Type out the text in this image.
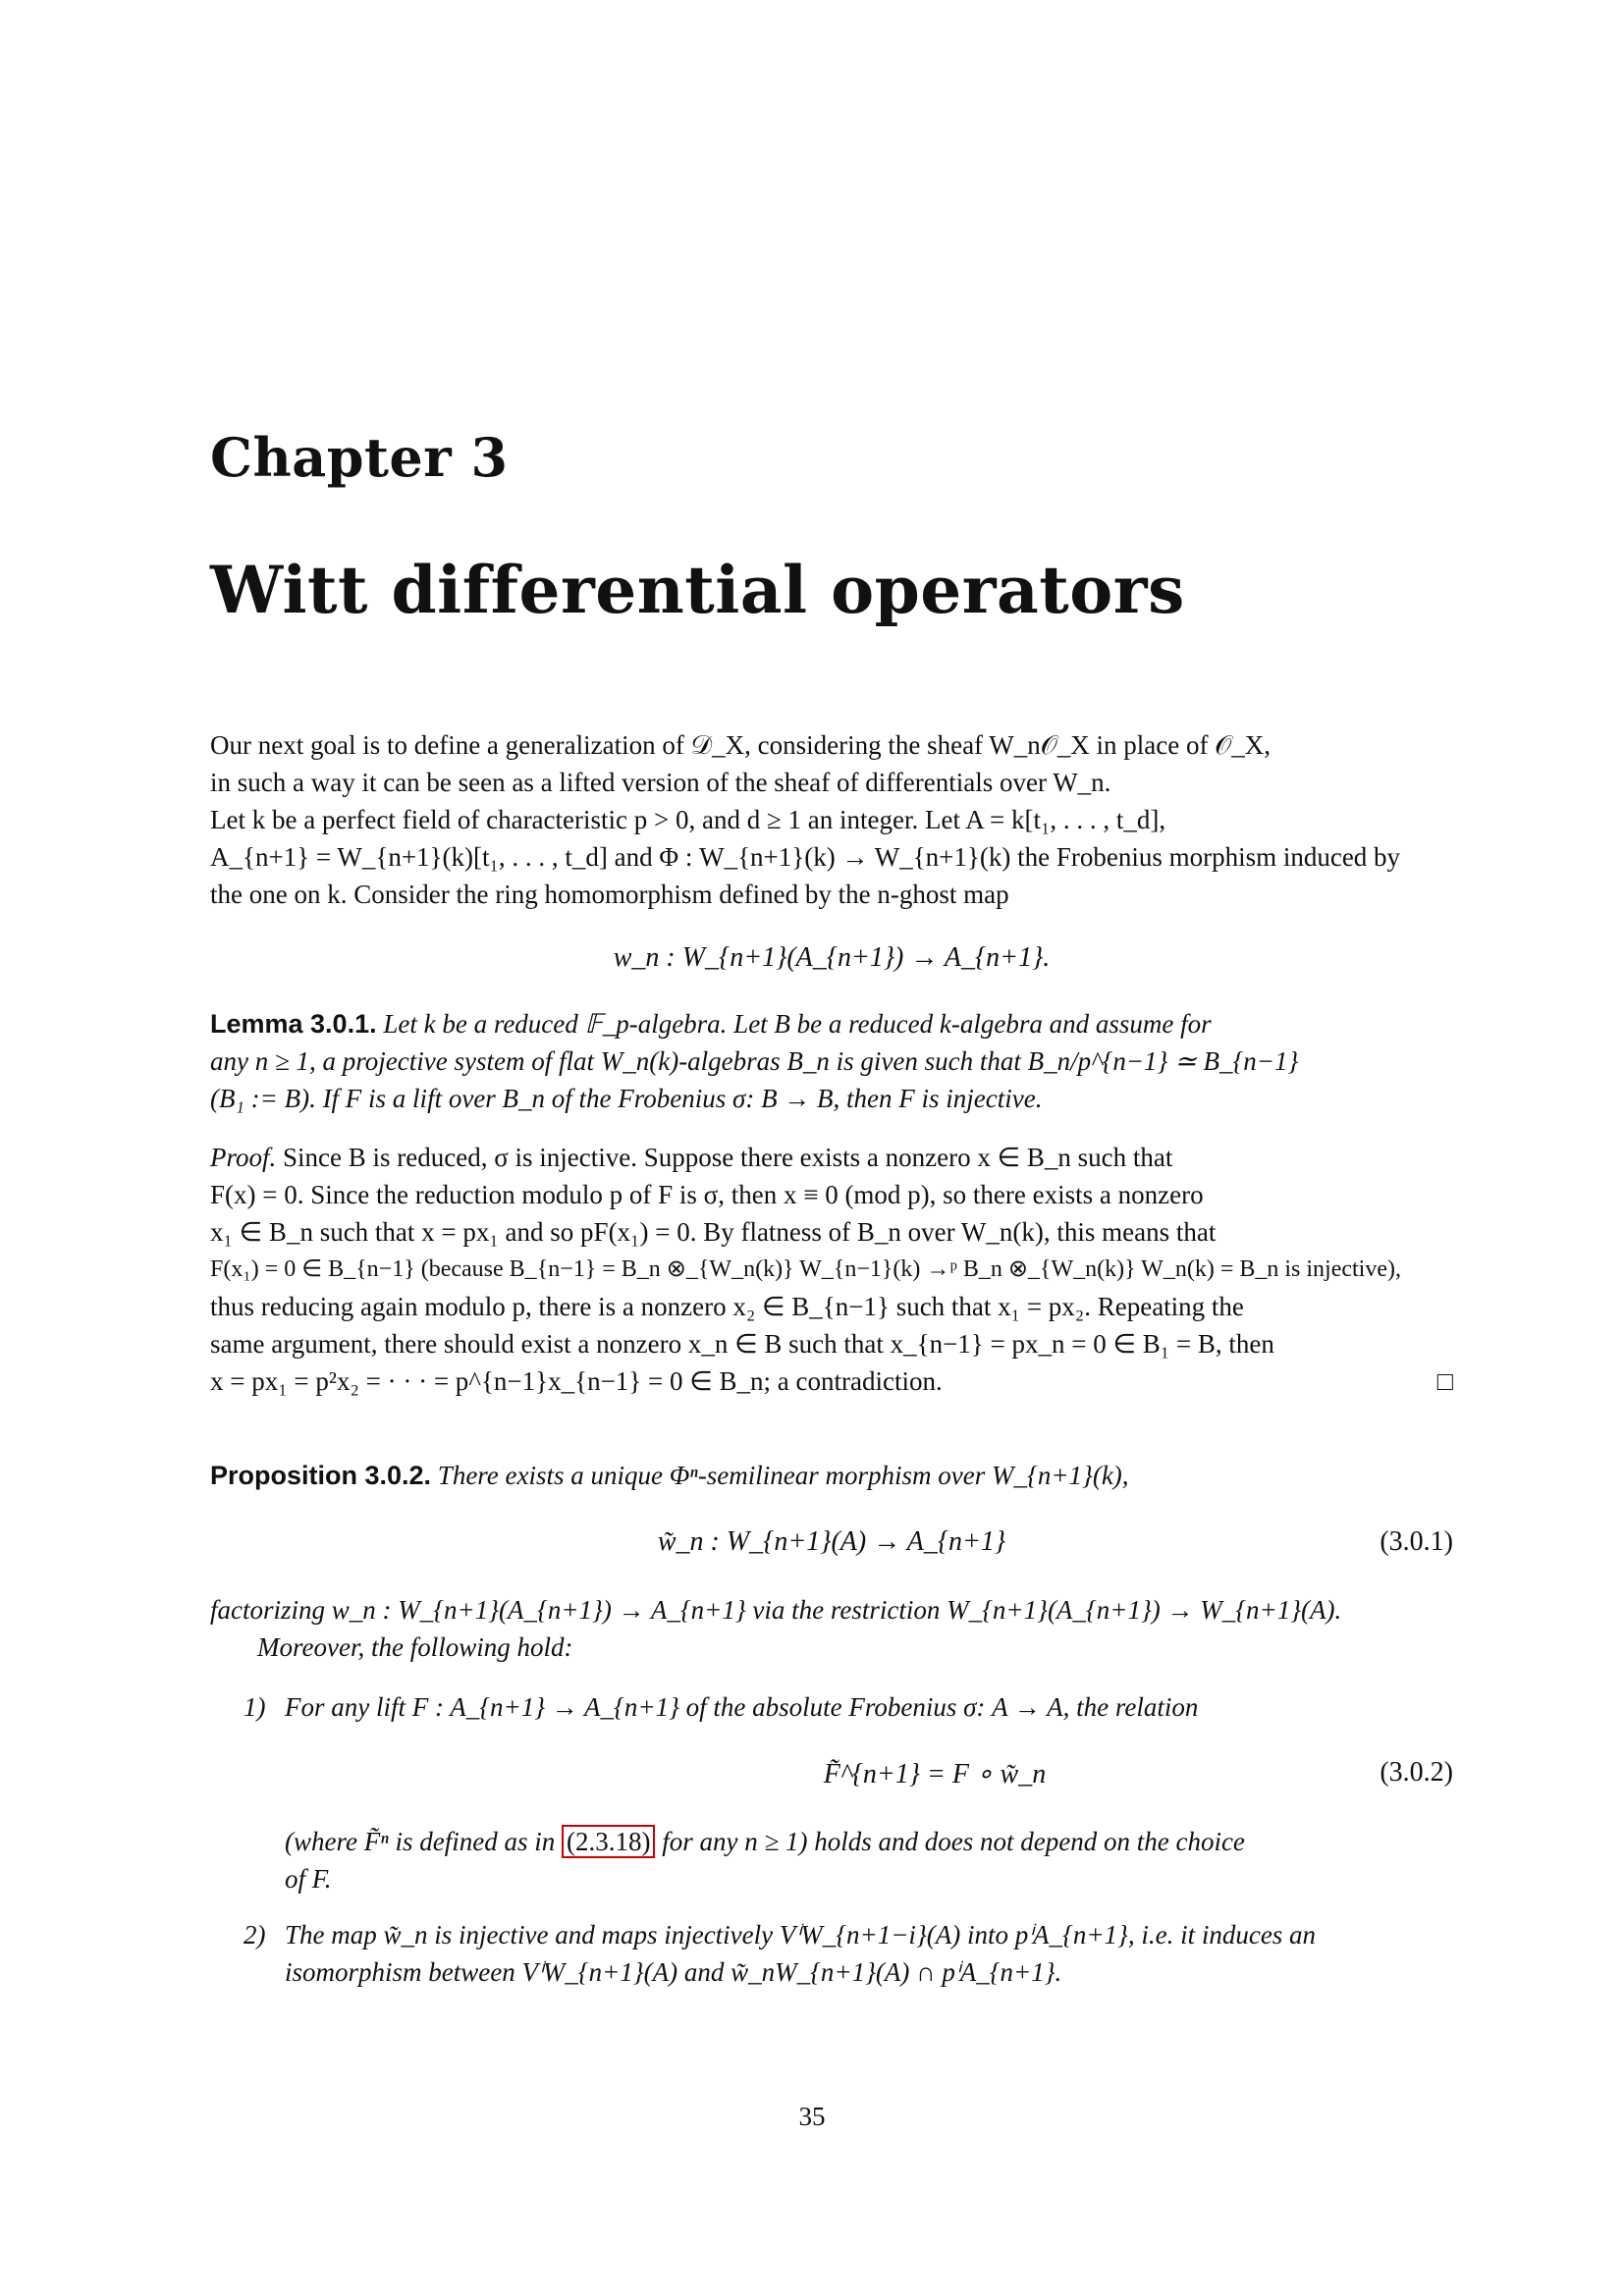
Chapter 3
Witt differential operators
Our next goal is to define a generalization of 𝒟_X, considering the sheaf W_n𝒪_X in place of 𝒪_X,
in such a way it can be seen as a lifted version of the sheaf of differentials over W_n.
Let k be a perfect field of characteristic p > 0, and d ≥ 1 an integer. Let A = k[t₁, . . . , t_d],
A_{n+1} = W_{n+1}(k)[t₁, . . . , t_d] and Φ : W_{n+1}(k) → W_{n+1}(k) the Frobenius morphism induced by
the one on k. Consider the ring homomorphism defined by the n-ghost map
w_n : W_{n+1}(A_{n+1}) → A_{n+1}.
Lemma 3.0.1. Let k be a reduced 𝔽_p-algebra. Let B be a reduced k-algebra and assume for
any n ≥ 1, a projective system of flat W_n(k)-algebras B_n is given such that B_n/p^{n−1} ≃ B_{n−1}
(B₁ := B). If F is a lift over B_n of the Frobenius σ: B → B, then F is injective.
Proof. Since B is reduced, σ is injective. Suppose there exists a nonzero x ∈ B_n such that
F(x) = 0. Since the reduction modulo p of F is σ, then x ≡ 0 (mod p), so there exists a nonzero
x₁ ∈ B_n such that x = px₁ and so pF(x₁) = 0. By flatness of B_n over W_n(k), this means that
F(x₁) = 0 ∈ B_{n−1} (because B_{n−1} = B_n ⊗_{W_n(k)} W_{n−1}(k) →ᵖ B_n ⊗_{W_n(k)} W_n(k) = B_n is injective),
thus reducing again modulo p, there is a nonzero x₂ ∈ B_{n−1} such that x₁ = px₂. Repeating the
same argument, there should exist a nonzero x_n ∈ B such that x_{n−1} = px_n = 0 ∈ B₁ = B, then
x = px₁ = p²x₂ = · · · = p^{n−1}x_{n−1} = 0 ∈ B_n; a contradiction.	□
Proposition 3.0.2. There exists a unique Φⁿ-semilinear morphism over W_{n+1}(k),
w̃_n : W_{n+1}(A) → A_{n+1}	(3.0.1)
factorizing w_n : W_{n+1}(A_{n+1}) → A_{n+1} via the restriction W_{n+1}(A_{n+1}) → W_{n+1}(A).
Moreover, the following hold:
1) For any lift F : A_{n+1} → A_{n+1} of the absolute Frobenius σ: A → A, the relation
F̃^{n+1} = F ∘ w̃_n	(3.0.2)
(where F̃ⁿ is defined as in (2.3.18) for any n ≥ 1) holds and does not depend on the choice
of F.
2) The map w̃_n is injective and maps injectively VⁱW_{n+1−i}(A) into pⁱA_{n+1}, i.e. it induces an
isomorphism between VⁱW_{n+1}(A) and w̃_nW_{n+1}(A) ∩ pⁱA_{n+1}.
35
